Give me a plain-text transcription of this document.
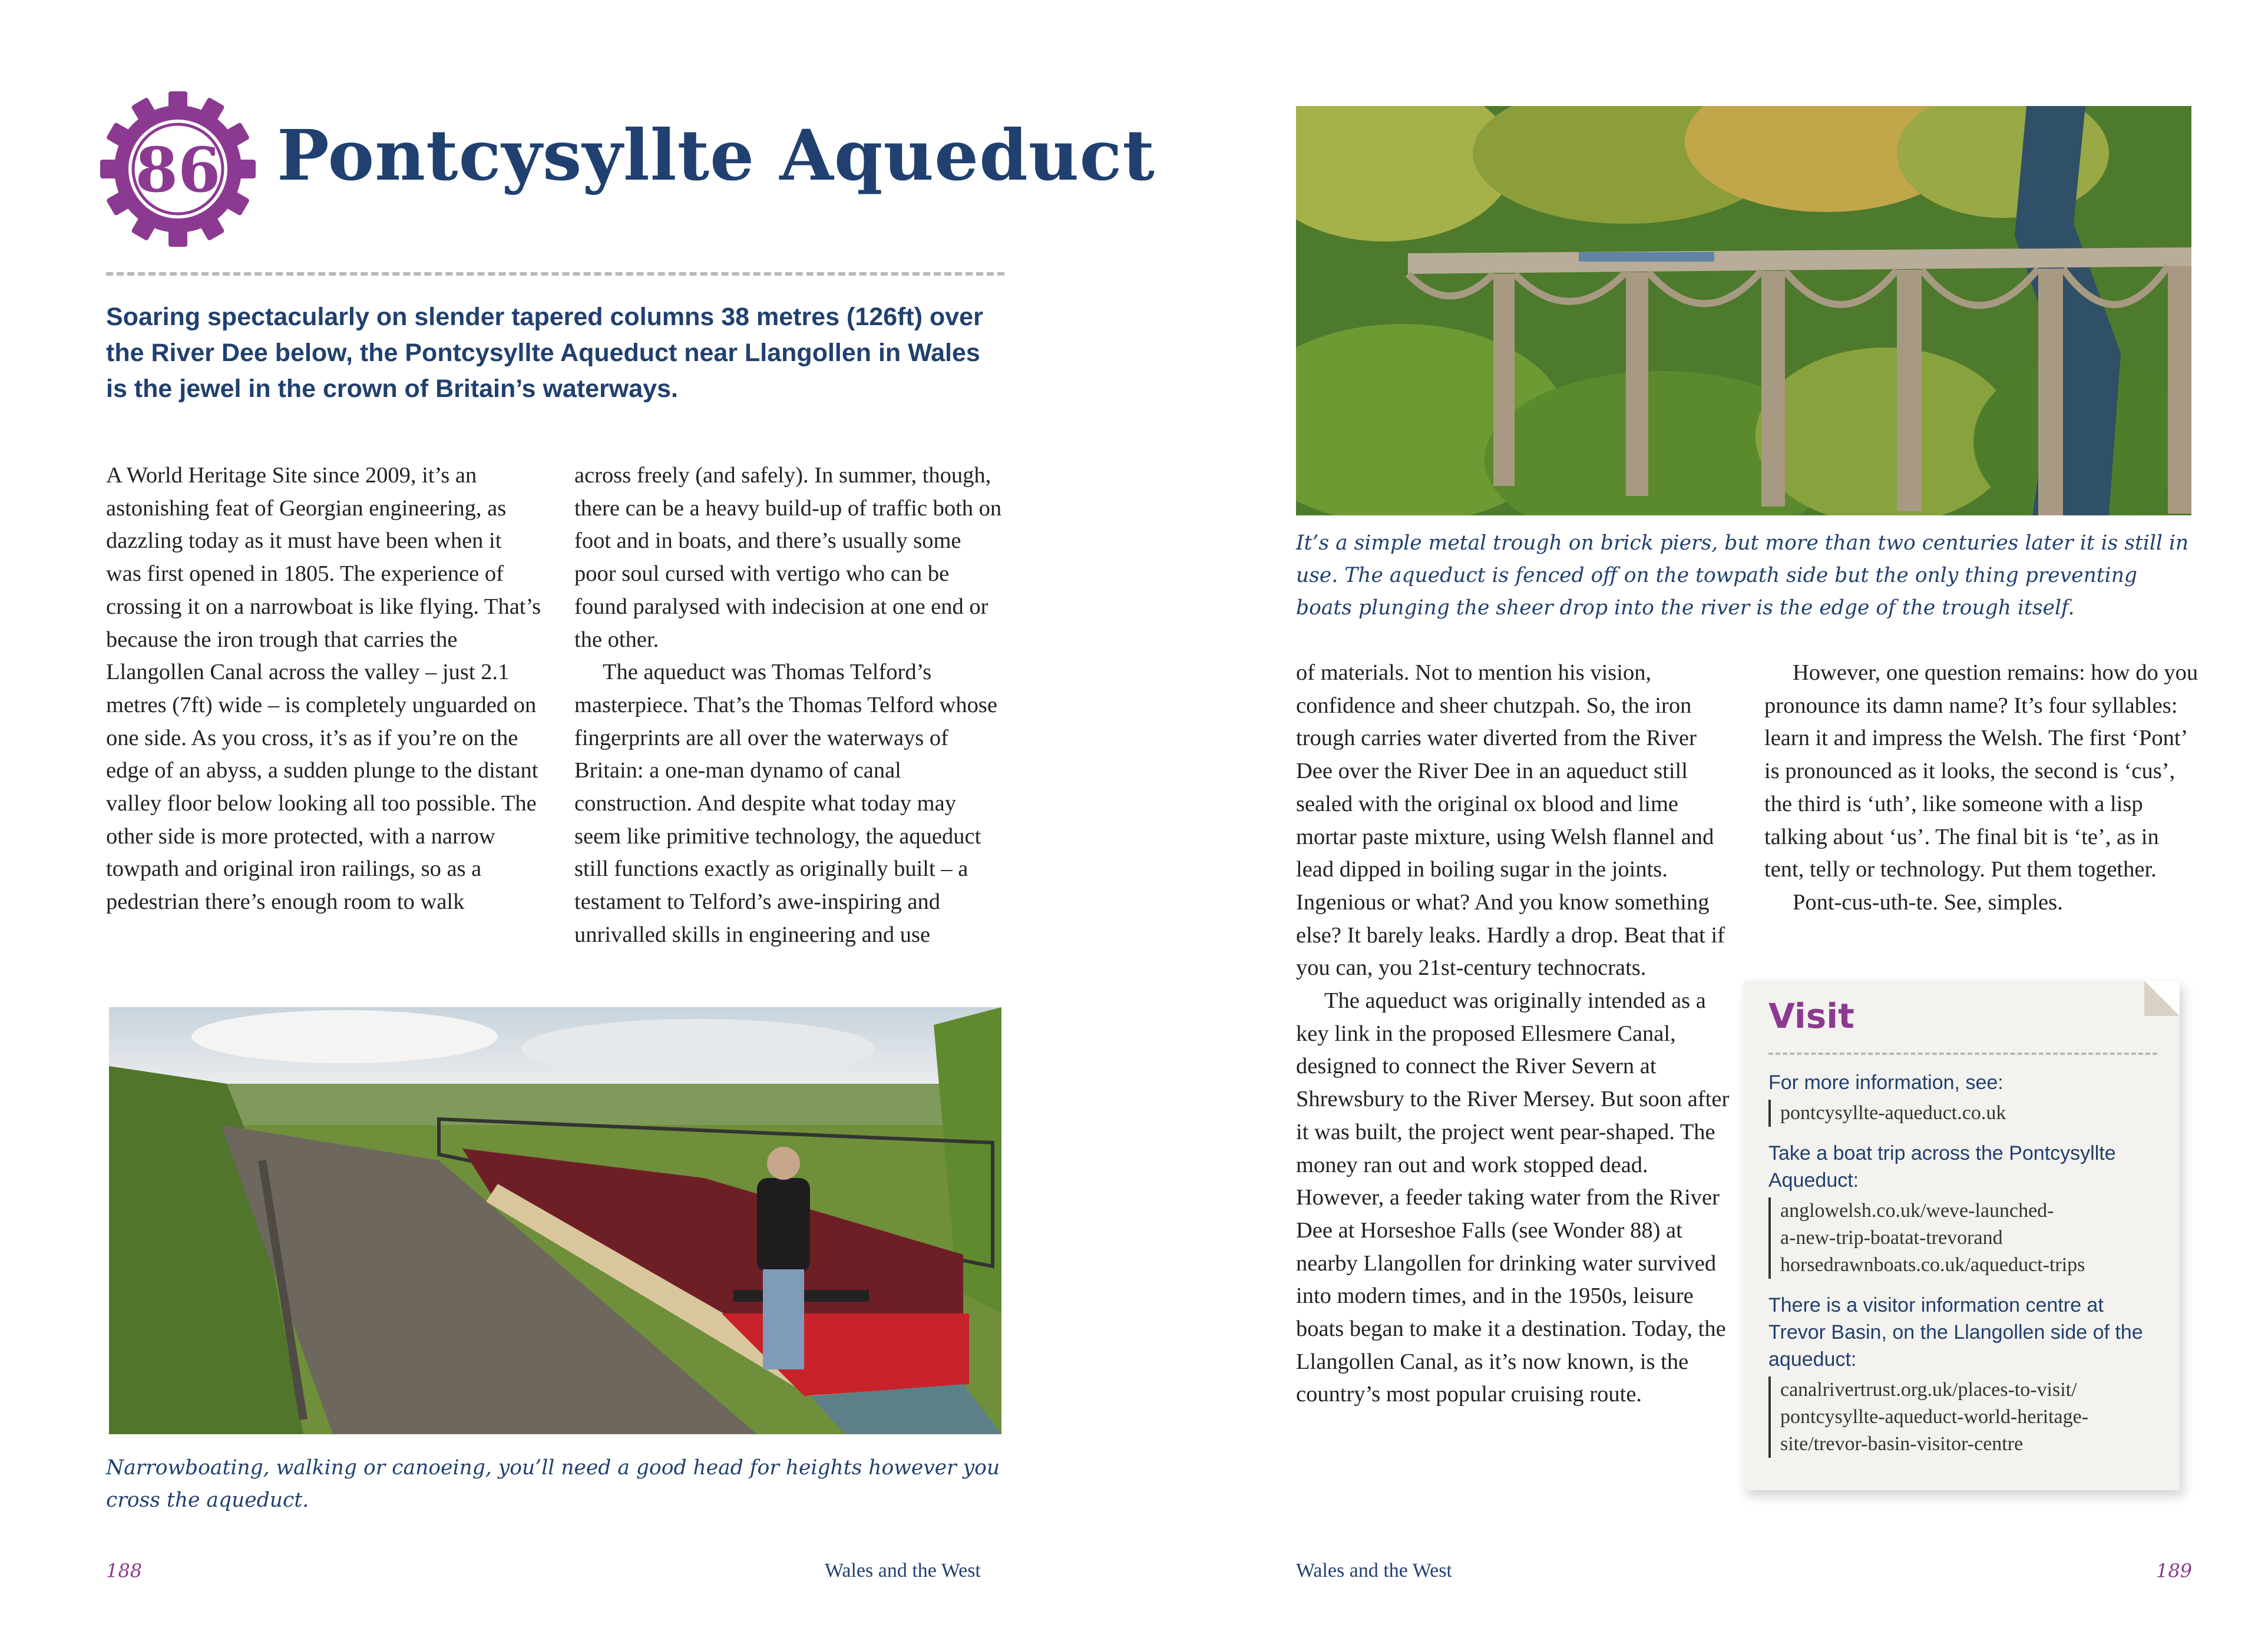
86 Pontcysyllte Aqueduct
Soaring spectacularly on slender tapered columns 38 metres (126ft) over the River Dee below, the Pontcysyllte Aqueduct near Llangollen in Wales is the jewel in the crown of Britain’s waterways.

A World Heritage Site since 2009, it’s an astonishing feat of Georgian engineering, as dazzling today as it must have been when it was first opened in 1805. The experience of crossing it on a narrowboat is like flying. That’s because the iron trough that carries the Llangollen Canal across the valley – just 2.1 metres (7ft) wide – is completely unguarded on one side. As you cross, it’s as if you’re on the edge of an abyss, a sudden plunge to the distant valley floor below looking all too possible. The other side is more protected, with a narrow towpath and original iron railings, so as a pedestrian there’s enough room to walk

across freely (and safely). In summer, though, there can be a heavy build-up of traffic both on foot and in boats, and there’s usually some poor soul cursed with vertigo who can be found paralysed with indecision at one end or the other.

The aqueduct was Thomas Telford’s masterpiece. That’s the Thomas Telford whose fingerprints are all over the waterways of Britain: a one-man dynamo of canal construction. And despite what today may seem like primitive technology, the aqueduct still functions exactly as originally built – a testament to Telford’s awe-inspiring and unrivalled skills in engineering and use

Narrowboating, walking or canoeing, you’ll need a good head for heights however you cross the aqueduct.
188	Wales and the West
It’s a simple metal trough on brick piers, but more than two centuries later it is still in use. The aqueduct is fenced off on the towpath side but the only thing preventing boats plunging the sheer drop into the river is the edge of the trough itself.

of materials. Not to mention his vision, confidence and sheer chutzpah. So, the iron trough carries water diverted from the River Dee over the River Dee in an aqueduct still sealed with the original ox blood and lime mortar paste mixture, using Welsh flannel and lead dipped in boiling sugar in the joints. Ingenious or what? And you know something else? It barely leaks. Hardly a drop. Beat that if you can, you 21st-century technocrats.

The aqueduct was originally intended as a key link in the proposed Ellesmere Canal, designed to connect the River Severn at Shrewsbury to the River Mersey. But soon after it was built, the project went pear-shaped. The money ran out and work stopped dead. However, a feeder taking water from the River Dee at Horseshoe Falls (see Wonder 88) at nearby Llangollen for drinking water survived into modern times, and in the 1950s, leisure boats began to make it a destination. Today, the Llangollen Canal, as it’s now known, is the country’s most popular cruising route.

However, one question remains: how do you pronounce its damn name? It’s four syllables: learn it and impress the Welsh. The first ‘Pont’ is pronounced as it looks, the second is ‘cus’, the third is ‘uth’, like someone with a lisp talking about ‘us’. The final bit is ‘te’, as in tent, telly or technology. Put them together.

Pont-cus-uth-te. See, simples.

Wales and the West	189
Visit
For more information, see:
pontcysyllte-aqueduct.co.uk
Take a boat trip across the Pontcysyllte Aqueduct:
anglowelsh.co.uk/weve-launched-
a-new-trip-boatat-trevorand
horsedrawnboats.co.uk/aqueduct-trips
There is a visitor information centre at Trevor Basin, on the Llangollen side of the aqueduct:
canalrivertrust.org.uk/places-to-visit/
pontcysyllte-aqueduct-world-heritage-
site/trevor-basin-visitor-centre
